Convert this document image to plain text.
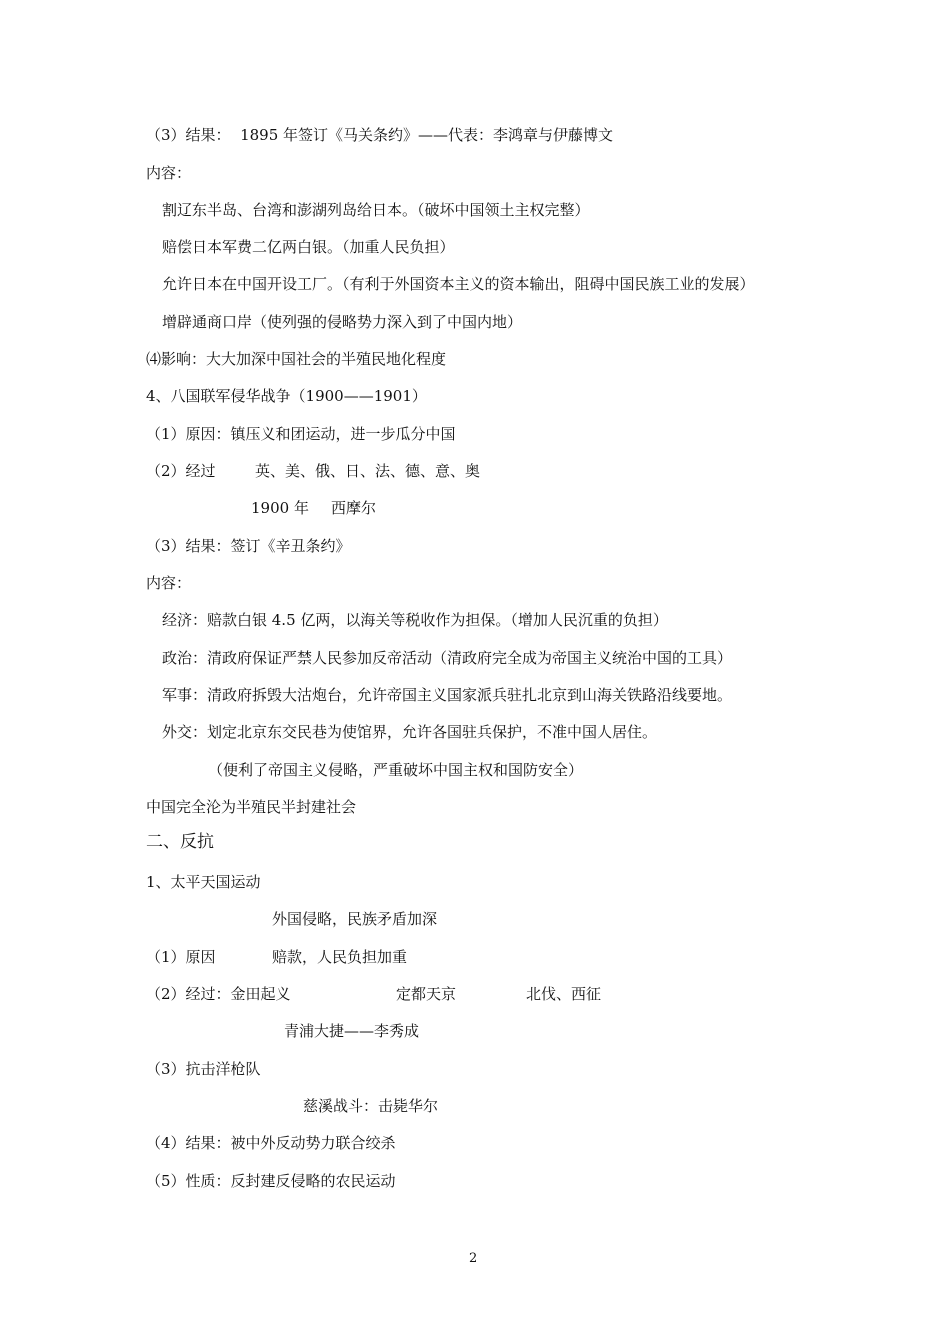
（3）结果：  1895 年签订《马关条约》——代表：李鸿章与伊藤博文
内容：
割辽东半岛、台湾和澎湖列岛给日本。（破坏中国领土主权完整）
赔偿日本军费二亿两白银。（加重人民负担）
允许日本在中国开设工厂。（有利于外国资本主义的资本输出，阻碍中国民族工业的发展）
增辟通商口岸（使列强的侵略势力深入到了中国内地）
⑷影响：大大加深中国社会的半殖民地化程度
4、八国联军侵华战争（1900——1901）
（1）原因：镇压义和团运动，进一步瓜分中国
（2）经过	英、美、俄、日、法、德、意、奥
1900 年 西摩尔
（3）结果：签订《辛丑条约》
内容：
经济：赔款白银 4.5 亿两，以海关等税收作为担保。（增加人民沉重的负担）
政治：清政府保证严禁人民参加反帝活动（清政府完全成为帝国主义统治中国的工具）
军事：清政府拆毁大沽炮台，允许帝国主义国家派兵驻扎北京到山海关铁路沿线要地。
外交：划定北京东交民巷为使馆界，允许各国驻兵保护，不准中国人居住。
（便利了帝国主义侵略，严重破坏中国主权和国防安全）
中国完全沦为半殖民半封建社会
二、反抗
1、太平天国运动
外国侵略，民族矛盾加深
（1）原因	赔款，人民负担加重
（2）经过：金田起义	定都天京	北伐、西征
青浦大捷——李秀成
（3）抗击洋枪队
慈溪战斗：击毙华尔
（4）结果：被中外反动势力联合绞杀
（5）性质：反封建反侵略的农民运动
2
